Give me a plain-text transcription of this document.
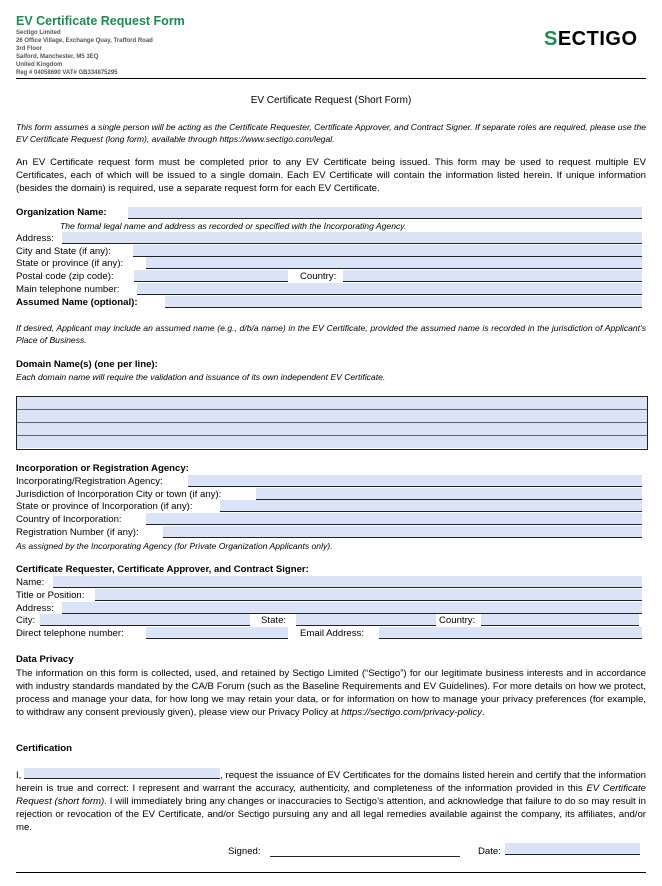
EV Certificate Request Form
Sectigo Limited
26 Office Village, Exchange Quay, Trafford Road
3rd Floor
Salford, Manchester, M5 3EQ
United Kingdom
Reg # 04058690 VAT# GB334875295
SECTIGO
EV Certificate Request (Short Form)
This form assumes a single person will be acting as the Certificate Requester, Certificate Approver, and Contract Signer. If separate roles are required, please use the EV Certificate Request (long form), available through https://www.sectigo.com/legal.
An EV Certificate request form must be completed prior to any EV Certificate being issued. This form may be used to request multiple EV Certificates, each of which will be issued to a single domain. Each EV Certificate will contain the information listed herein. If unique information (besides the domain) is required, use a separate request form for each EV Certificate.
Organization Name:
The formal legal name and address as recorded or specified with the Incorporating Agency.
Address:
City and State (if any):
State or province (if any):
Postal code (zip code):	Country:
Main telephone number:
Assumed Name (optional):
If desired, Applicant may include an assumed name (e.g., d/b/a name) in the EV Certificate, provided the assumed name is recorded in the jurisdiction of Applicant's Place of Business.
Domain Name(s) (one per line):
Each domain name will require the validation and issuance of its own independent EV Certificate.
Incorporation or Registration Agency:
Incorporating/Registration Agency:
Jurisdiction of Incorporation City or town (if any):
State or province of Incorporation (if any):
Country of Incorporation:
Registration Number (if any):
As assigned by the Incorporating Agency (for Private Organization Applicants only).
Certificate Requester, Certificate Approver, and Contract Signer:
Name:
Title or Position:
Address:
City:	State:	Country:
Direct telephone number:	Email Address:
Data Privacy
The information on this form is collected, used, and retained by Sectigo Limited (“Sectigo”) for our legitimate business interests and in accordance with industry standards mandated by the CA/B Forum (such as the Baseline Requirements and EV Guidelines). For more details on how we protect, process and manage your data, for how long we may retain your data, or for information on how to manage your privacy preferences (for example, to withdraw any consent previously given), please view our Privacy Policy at https://sectigo.com/privacy-policy.
Certification
I,	, request the issuance of EV Certificates for the domains listed herein and certify that the information herein is true and correct: I represent and warrant the accuracy, authenticity, and completeness of the information provided in this EV Certificate Request (short form). I will immediately bring any changes or inaccuracies to Sectigo’s attention, and acknowledge that failure to do so may result in rejection or revocation of the EV Certificate, and/or Sectigo pursuing any and all legal remedies available against the company, its affiliates, and/or me.
Signed:	Date:
